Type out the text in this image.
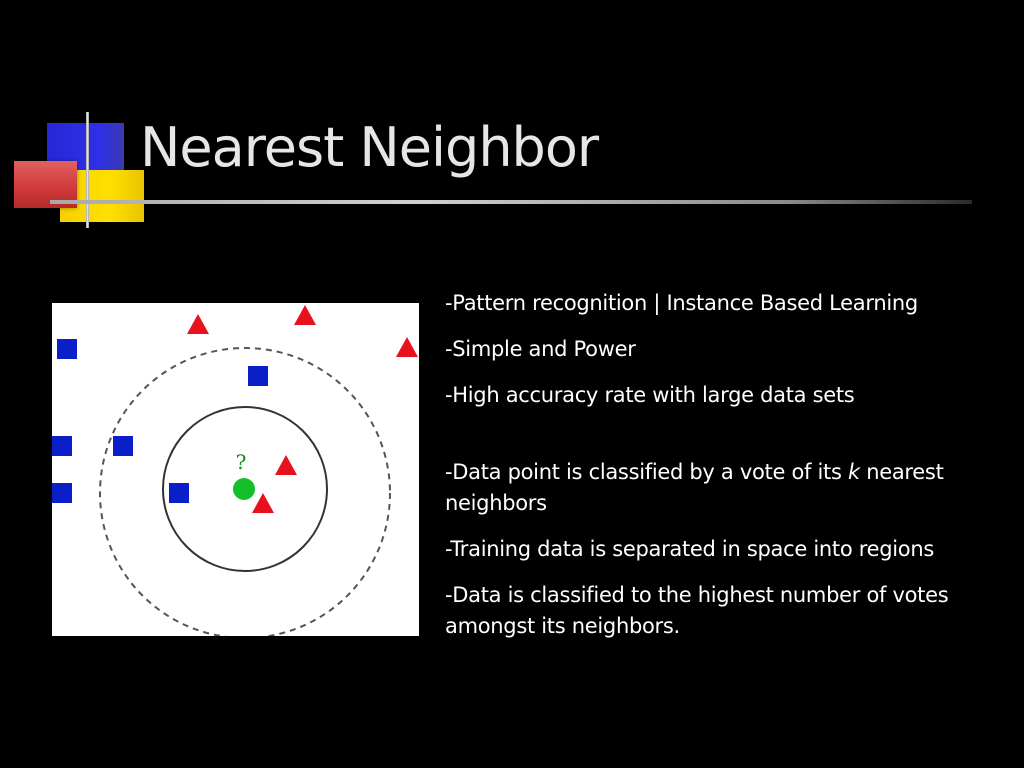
Nearest Neighbor
?

-Pattern recognition | Instance Based Learning

-Simple and Power

-High accuracy rate with large data sets

-Data point is classified by a vote of its k nearest neighbors

-Training data is separated in space into regions

-Data is classified to the highest number of votes amongst its neighbors.
